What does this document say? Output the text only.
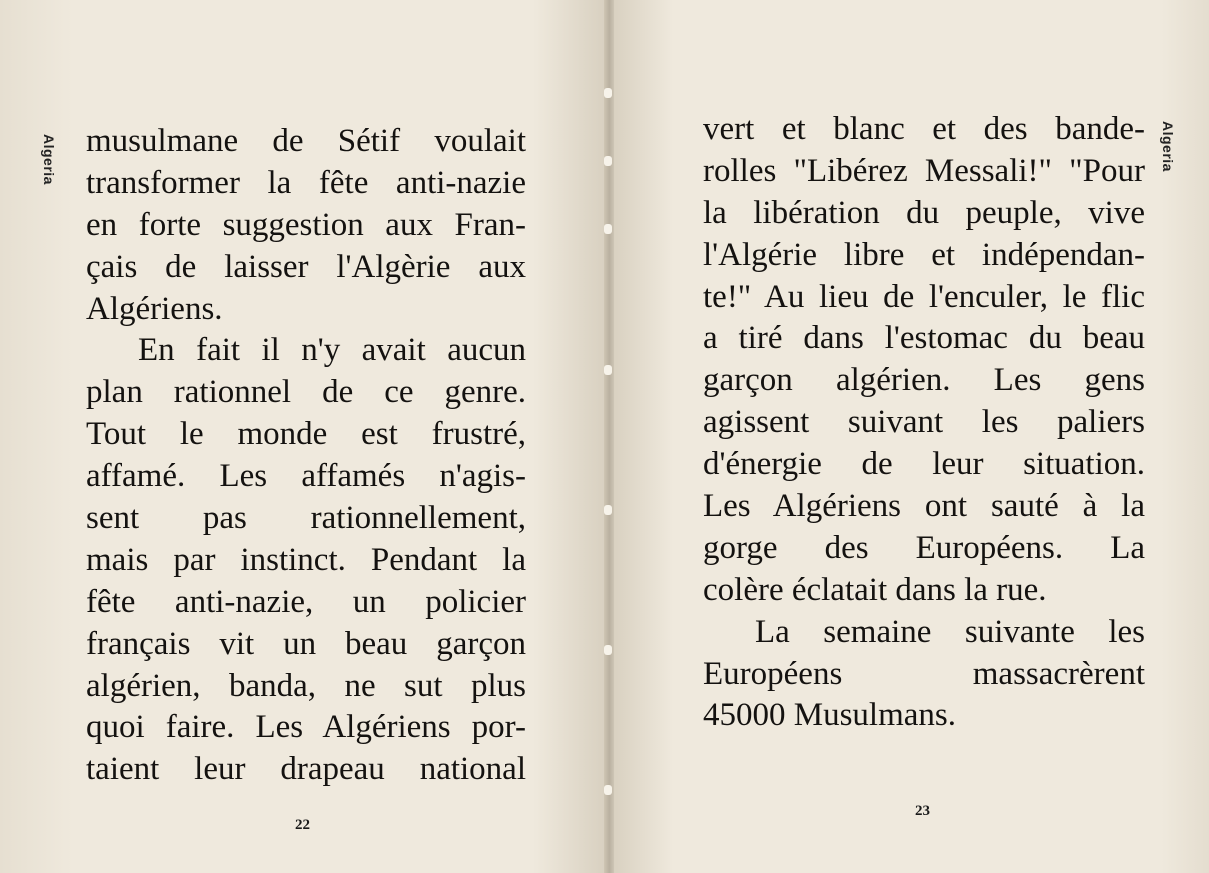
Algeria musulmane de Sétif voulait
transformer la fête anti-nazie
en forte suggestion aux Fran-
çais de laisser l'Algèrie aux
Algériens.
En fait il n'y avait aucun
plan rationnel de ce genre.
Tout le monde est frustré,
affamé. Les affamés n'agis-
sent pas rationnellement,
mais par instinct. Pendant la
fête anti-nazie, un policier
français vit un beau garçon
algérien, banda, ne sut plus
quoi faire. Les Algériens por-
taient leur drapeau national
22
vert et blanc et des bande-
rolles "Libérez Messali!" "Pour
la libération du peuple, vive
l'Algérie libre et indépendan-
te!" Au lieu de l'enculer, le flic
a tiré dans l'estomac du beau
garçon algérien. Les gens
agissent suivant les paliers
d'énergie de leur situation.
Les Algériens ont sauté à la
gorge des Européens. La
colère éclatait dans la rue.
La semaine suivante les
Européens massacrèrent
45000 Musulmans.
Algeria
23
